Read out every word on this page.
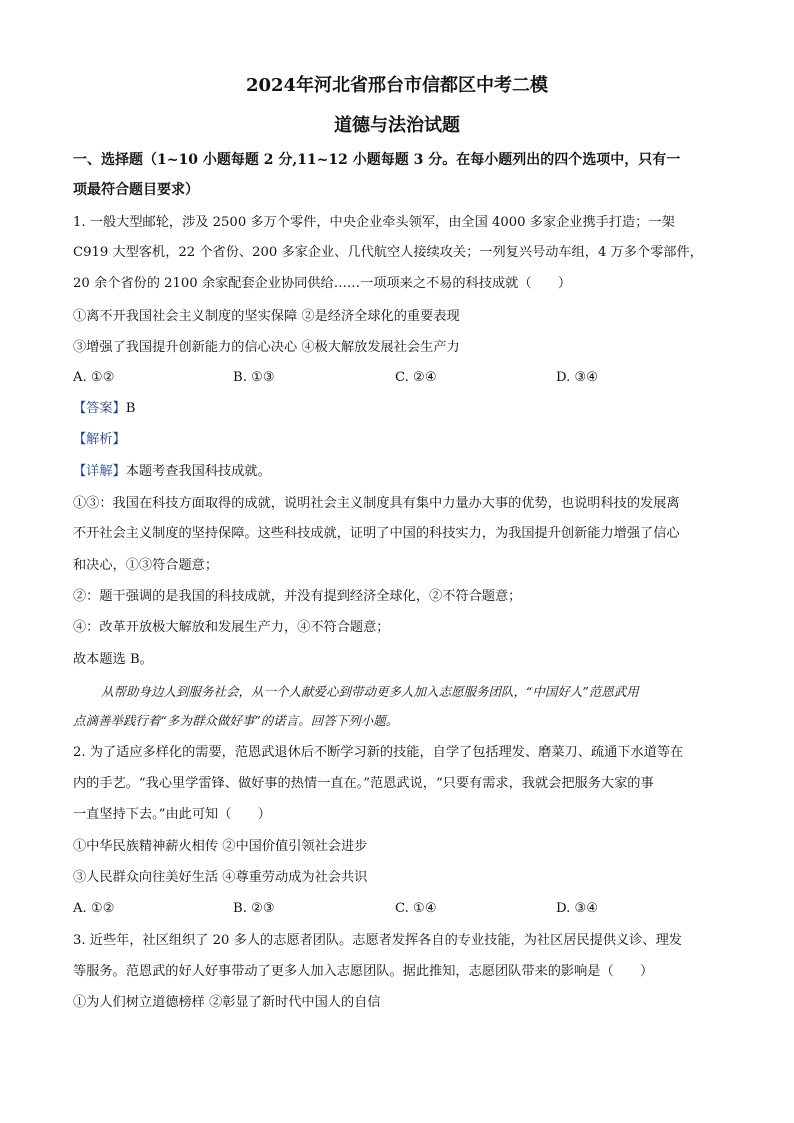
2024年河北省邢台市信都区中考二模
道德与法治试题
一、选择题（1~10 小题每题 2 分,11~12 小题每题 3 分。在每小题列出的四个选项中，只有一
项最符合题目要求）
1. 一般大型邮轮，涉及 2500 多万个零件，中央企业牵头领军，由全国 4000 多家企业携手打造；一架
C919 大型客机，22 个省份、200 多家企业、几代航空人接续攻关；一列复兴号动车组，4 万多个零部件，
20 余个省份的 2100 余家配套企业协同供给……一项项来之不易的科技成就（　　）
①离不开我国社会主义制度的坚实保障 ②是经济全球化的重要表现
③增强了我国提升创新能力的信心决心 ④极大解放发展社会生产力
A. ①②	B. ①③	C. ②④	D. ③④
【答案】B
【解析】
【详解】本题考查我国科技成就。
①③：我国在科技方面取得的成就，说明社会主义制度具有集中力量办大事的优势，也说明科技的发展离
不开社会主义制度的坚持保障。这些科技成就，证明了中国的科技实力，为我国提升创新能力增强了信心
和决心，①③符合题意；
②：题干强调的是我国的科技成就，并没有提到经济全球化，②不符合题意；
④：改革开放极大解放和发展生产力，④不符合题意；
故本题选 B。
从帮助身边人到服务社会，从一个人献爱心到带动更多人加入志愿服务团队，“中国好人”范恩武用
点滴善举践行着“多为群众做好事”的诺言。回答下列小题。
2. 为了适应多样化的需要，范恩武退休后不断学习新的技能，自学了包括理发、磨菜刀、疏通下水道等在
内的手艺。“我心里学雷锋、做好事的热情一直在。”范恩武说，“只要有需求，我就会把服务大家的事
一直坚持下去。”由此可知（　　）
①中华民族精神薪火相传 ②中国价值引领社会进步
③人民群众向往美好生活 ④尊重劳动成为社会共识
A. ①②	B. ②③	C. ①④	D. ③④
3. 近些年，社区组织了 20 多人的志愿者团队。志愿者发挥各自的专业技能，为社区居民提供义诊、理发
等服务。范恩武的好人好事带动了更多人加入志愿团队。据此推知，志愿团队带来的影响是（　　）
①为人们树立道德榜样 ②彰显了新时代中国人的自信
